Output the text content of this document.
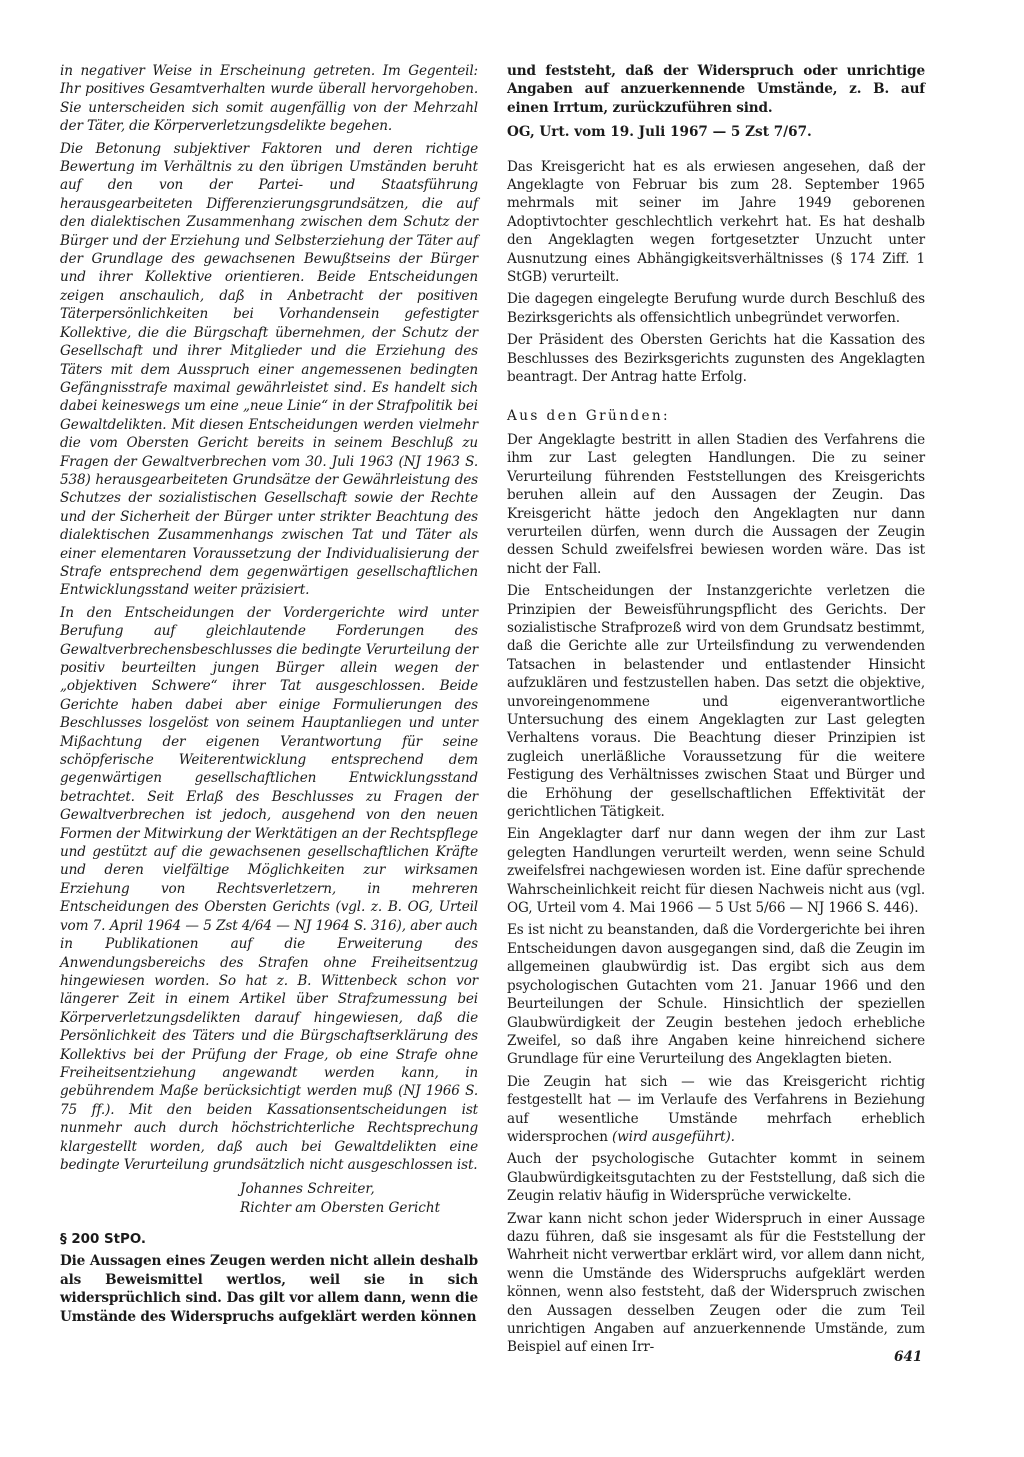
in negativer Weise in Erscheinung getreten. Im Gegenteil: Ihr positives Gesamtverhalten wurde überall hervorgehoben. Sie unterscheiden sich somit augenfällig von der Mehrzahl der Täter, die Körperverletzungsdelikte begehen.

Die Betonung subjektiver Faktoren und deren richtige Bewertung im Verhältnis zu den übrigen Umständen beruht auf den von der Partei- und Staatsführung herausgearbeiteten Differenzierungsgrundsätzen, die auf den dialektischen Zusammenhang zwischen dem Schutz der Bürger und der Erziehung und Selbsterziehung der Täter auf der Grundlage des gewachsenen Bewußtseins der Bürger und ihrer Kollektive orientieren. Beide Entscheidungen zeigen anschaulich, daß in Anbetracht der positiven Täterpersönlichkeiten bei Vorhandensein gefestigter Kollektive, die die Bürgschaft übernehmen, der Schutz der Gesellschaft und ihrer Mitglieder und die Erziehung des Täters mit dem Ausspruch einer angemessenen bedingten Gefängnisstrafe maximal gewährleistet sind. Es handelt sich dabei keineswegs um eine „neue Linie“ in der Strafpolitik bei Gewaltdelikten. Mit diesen Entscheidungen werden vielmehr die vom Obersten Gericht bereits in seinem Beschluß zu Fragen der Gewaltverbrechen vom 30. Juli 1963 (NJ 1963 S. 538) herausgearbeiteten Grundsätze der Gewährleistung des Schutzes der sozialistischen Gesellschaft sowie der Rechte und der Sicherheit der Bürger unter strikter Beachtung des dialektischen Zusammenhangs zwischen Tat und Täter als einer elementaren Voraussetzung der Individualisierung der Strafe entsprechend dem gegenwärtigen gesellschaftlichen Entwicklungsstand weiter präzisiert.

In den Entscheidungen der Vordergerichte wird unter Berufung auf gleichlautende Forderungen des Gewaltverbrechensbeschlusses die bedingte Verurteilung der positiv beurteilten jungen Bürger allein wegen der „objektiven Schwere“ ihrer Tat ausgeschlossen. Beide Gerichte haben dabei aber einige Formulierungen des Beschlusses losgelöst von seinem Hauptanliegen und unter Mißachtung der eigenen Verantwortung für seine schöpferische Weiterentwicklung entsprechend dem gegenwärtigen gesellschaftlichen Entwicklungsstand betrachtet. Seit Erlaß des Beschlusses zu Fragen der Gewaltverbrechen ist jedoch, ausgehend von den neuen Formen der Mitwirkung der Werktätigen an der Rechtspflege und gestützt auf die gewachsenen gesellschaftlichen Kräfte und deren vielfältige Möglichkeiten zur wirksamen Erziehung von Rechtsverletzern, in mehreren Entscheidungen des Obersten Gerichts (vgl. z. B. OG, Urteil vom 7. April 1964 — 5 Zst 4/64 — NJ 1964 S. 316), aber auch in Publikationen auf die Erweiterung des Anwendungsbereichs des Strafen ohne Freiheitsentzug hingewiesen worden. So hat z. B. Wittenbeck schon vor längerer Zeit in einem Artikel über Strafzumessung bei Körperverletzungsdelikten darauf hingewiesen, daß die Persönlichkeit des Täters und die Bürgschaftserklärung des Kollektivs bei der Prüfung der Frage, ob eine Strafe ohne Freiheitsentziehung angewandt werden kann, in gebührendem Maße berücksichtigt werden muß (NJ 1966 S. 75 ff.). Mit den beiden Kassationsentscheidungen ist nunmehr auch durch höchstrichterliche Rechtsprechung klargestellt worden, daß auch bei Gewaltdelikten eine bedingte Verurteilung grundsätzlich nicht ausgeschlossen ist.

Johannes Schreiter,
Richter am Obersten Gericht
§ 200 StPO.

Die Aussagen eines Zeugen werden nicht allein deshalb als Beweismittel wertlos, weil sie in sich widersprüchlich sind. Das gilt vor allem dann, wenn die Umstände des Widerspruchs aufgeklärt werden können

und feststeht, daß der Widerspruch oder unrichtige Angaben auf anzuerkennende Umstände, z. B. auf einen Irrtum, zurückzuführen sind.

OG, Urt. vom 19. Juli 1967 — 5 Zst 7/67.

Das Kreisgericht hat es als erwiesen angesehen, daß der Angeklagte von Februar bis zum 28. September 1965 mehrmals mit seiner im Jahre 1949 geborenen Adoptivtochter geschlechtlich verkehrt hat. Es hat deshalb den Angeklagten wegen fortgesetzter Unzucht unter Ausnutzung eines Abhängigkeitsverhältnisses (§ 174 Ziff. 1 StGB) verurteilt.

Die dagegen eingelegte Berufung wurde durch Beschluß des Bezirksgerichts als offensichtlich unbegründet verworfen.

Der Präsident des Obersten Gerichts hat die Kassation des Beschlusses des Bezirksgerichts zugunsten des Angeklagten beantragt. Der Antrag hatte Erfolg.

Aus den Gründen:

Der Angeklagte bestritt in allen Stadien des Verfahrens die ihm zur Last gelegten Handlungen. Die zu seiner Verurteilung führenden Feststellungen des Kreisgerichts beruhen allein auf den Aussagen der Zeugin. Das Kreisgericht hätte jedoch den Angeklagten nur dann verurteilen dürfen, wenn durch die Aussagen der Zeugin dessen Schuld zweifelsfrei bewiesen worden wäre. Das ist nicht der Fall.

Die Entscheidungen der Instanzgerichte verletzen die Prinzipien der Beweisführungspflicht des Gerichts. Der sozialistische Strafprozeß wird von dem Grundsatz bestimmt, daß die Gerichte alle zur Urteilsfindung zu verwendenden Tatsachen in belastender und entlastender Hinsicht aufzuklären und festzustellen haben. Das setzt die objektive, unvoreingenommene und eigenverantwortliche Untersuchung des einem Angeklagten zur Last gelegten Verhaltens voraus. Die Beachtung dieser Prinzipien ist zugleich unerläßliche Voraussetzung für die weitere Festigung des Verhältnisses zwischen Staat und Bürger und die Erhöhung der gesellschaftlichen Effektivität der gerichtlichen Tätigkeit.

Ein Angeklagter darf nur dann wegen der ihm zur Last gelegten Handlungen verurteilt werden, wenn seine Schuld zweifelsfrei nachgewiesen worden ist. Eine dafür sprechende Wahrscheinlichkeit reicht für diesen Nachweis nicht aus (vgl. OG, Urteil vom 4. Mai 1966 — 5 Ust 5/66 — NJ 1966 S. 446).

Es ist nicht zu beanstanden, daß die Vordergerichte bei ihren Entscheidungen davon ausgegangen sind, daß die Zeugin im allgemeinen glaubwürdig ist. Das ergibt sich aus dem psychologischen Gutachten vom 21. Januar 1966 und den Beurteilungen der Schule. Hinsichtlich der speziellen Glaubwürdigkeit der Zeugin bestehen jedoch erhebliche Zweifel, so daß ihre Angaben keine hinreichend sichere Grundlage für eine Verurteilung des Angeklagten bieten.

Die Zeugin hat sich — wie das Kreisgericht richtig festgestellt hat — im Verlaufe des Verfahrens in Beziehung auf wesentliche Umstände mehrfach erheblich widersprochen (wird ausgeführt).

Auch der psychologische Gutachter kommt in seinem Glaubwürdigkeitsgutachten zu der Feststellung, daß sich die Zeugin relativ häufig in Widersprüche verwickelte.

Zwar kann nicht schon jeder Widerspruch in einer Aussage dazu führen, daß sie insgesamt als für die Feststellung der Wahrheit nicht verwertbar erklärt wird, vor allem dann nicht, wenn die Umstände des Widerspruchs aufgeklärt werden können, wenn also feststeht, daß der Widerspruch zwischen den Aussagen desselben Zeugen oder die zum Teil unrichtigen Angaben auf anzuerkennende Umstände, zum Beispiel auf einen Irr-

641
